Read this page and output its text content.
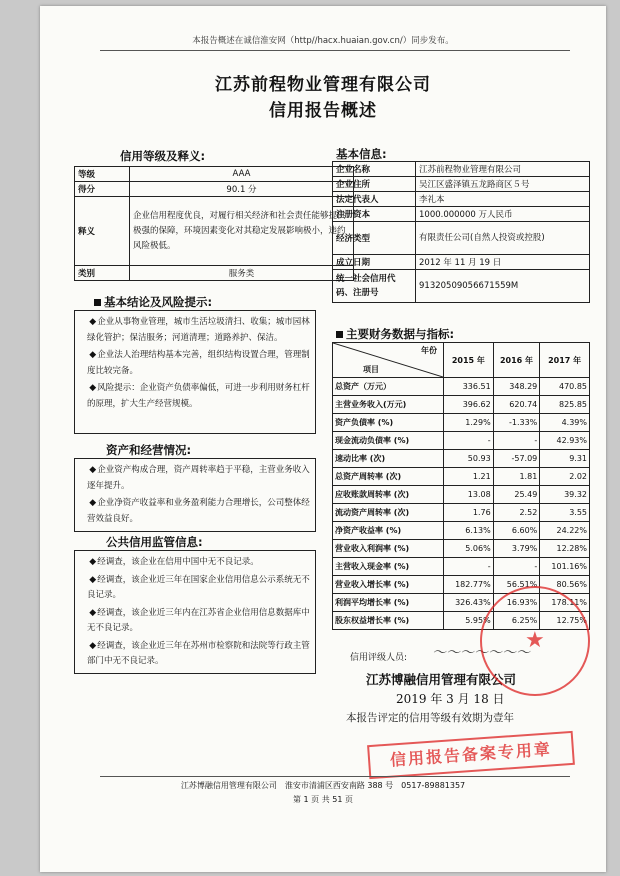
本报告概述在诚信淮安网（http//hacx.huaian.gov.cn/）同步发布。
江苏前程物业管理有限公司
信用报告概述
信用等级及释义:
等级	AAA
得分	90.1 分
释义	企业信用程度优良，对履行相关经济和社会责任能够提供极强的保障，环境因素变化对其稳定发展影响极小，违约风险极低。
类别	服务类
基本信息:
企业名称	江苏前程物业管理有限公司
企业住所	吴江区盛泽镇五龙路商区５号
法定代表人	李礼本
注册资本	1000.000000 万人民币
经济类型	有限责任公司(自然人投资或控股)
成立日期	2012 年 11 月 19 日
统一社会信用代码、注册号	91320509056671559M
基本结论及风险提示:
◆ 企业从事物业管理，城市生活垃圾清扫、收集；城市园林绿化管护；保洁服务；河道清理；道路养护、保洁。
◆ 企业法人治理结构基本完善，组织结构设置合理，管理制度比较完备。
◆ 风险提示：企业资产负债率偏低，可进一步利用财务杠杆的原理，扩大生产经营规模。
资产和经营情况:
◆ 企业资产构成合理，资产周转率趋于平稳，主营业务收入逐年提升。
◆ 企业净资产收益率和业务盈利能力合理增长，公司整体经营效益良好。
公共信用监管信息:
◆ 经调查，该企业在信用中国中无不良记录。
◆ 经调查，该企业近三年在国家企业信用信息公示系统无不良记录。
◆ 经调查，该企业近三年内在江苏省企业信用信息数据库中无不良记录。
◆ 经调查，该企业近三年在苏州市检察院和法院等行政主管部门中无不良记录。
主要财务数据与指标:
年份
项目	2015 年	2016 年	2017 年
总资产（万元）	336.51	348.29	470.85
主营业务收入(万元)	396.62	620.74	825.85
资产负债率 (%)	1.29%	-1.33%	4.39%
现金流动负债率 (%)	-	-	42.93%
速动比率 (次)	50.93	-57.09	9.31
总资产周转率 (次)	1.21	1.81	2.02
应收账款周转率 (次)	13.08	25.49	39.32
流动资产周转率 (次)	1.76	2.52	3.55
净资产收益率 (%)	6.13%	6.60%	24.22%
营业收入利润率 (%)	5.06%	3.79%	12.28%
主营收入现金率 (%)	-	-	101.16%
营业收入增长率 (%)	182.77%	56.51%	80.56%
利润平均增长率 (%)	326.43%	16.93%	178.11%
股东权益增长率 (%)	5.95%	6.25%	12.75%
信用评级人员: 〜〜〜〜〜〜〜
江苏博融信用管理有限公司
2019 年 3 月 18 日
本报告评定的信用等级有效期为壹年
★
信用报告备案专用章
江苏博融信用管理有限公司　淮安市清浦区西安南路 388 号　0517-89881357
第 1 页 共 51 页
